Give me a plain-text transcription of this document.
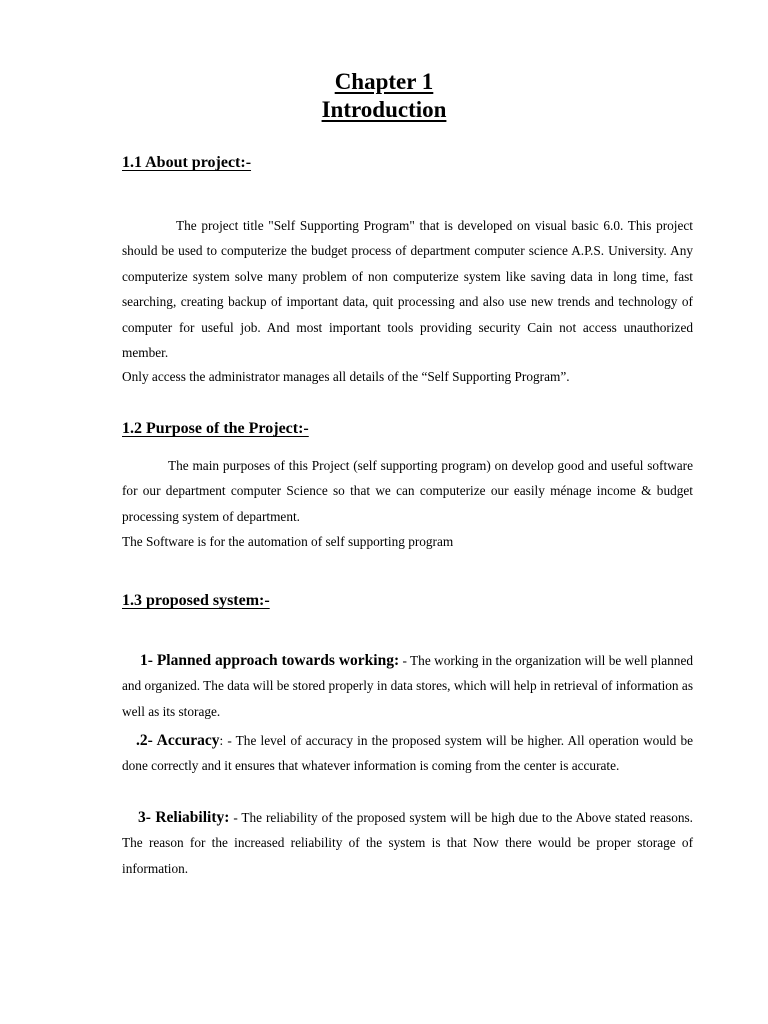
Chapter 1
Introduction
1.1 About project:-

The project title "Self Supporting Program" that is developed on visual basic 6.0. This project should be used to computerize the budget process of department computer science A.P.S. University. Any computerize system solve many problem of non computerize system like saving data in long time, fast searching, creating backup of important data, quit processing and also use new trends and technology of computer for useful job. And most important tools providing security Cain not access unauthorized member.

Only access the administrator manages all details of the “Self Supporting Program”.
1.2 Purpose of the Project:-

The main purposes of this Project (self supporting program) on develop good and useful software for our department computer Science so that we can computerize our easily ménage income & budget processing system of department.

The Software is for the automation of self supporting program
1.3 proposed system:-

1- Planned approach towards working: - The working in the organization will be well planned and organized. The data will be stored properly in data stores, which will help in retrieval of information as well as its storage.

.2- Accuracy: - The level of accuracy in the proposed system will be higher. All operation would be done correctly and it ensures that whatever information is coming from the center is accurate.

3- Reliability: - The reliability of the proposed system will be high due to the Above stated reasons. The reason for the increased reliability of the system is that Now there would be proper storage of information.
